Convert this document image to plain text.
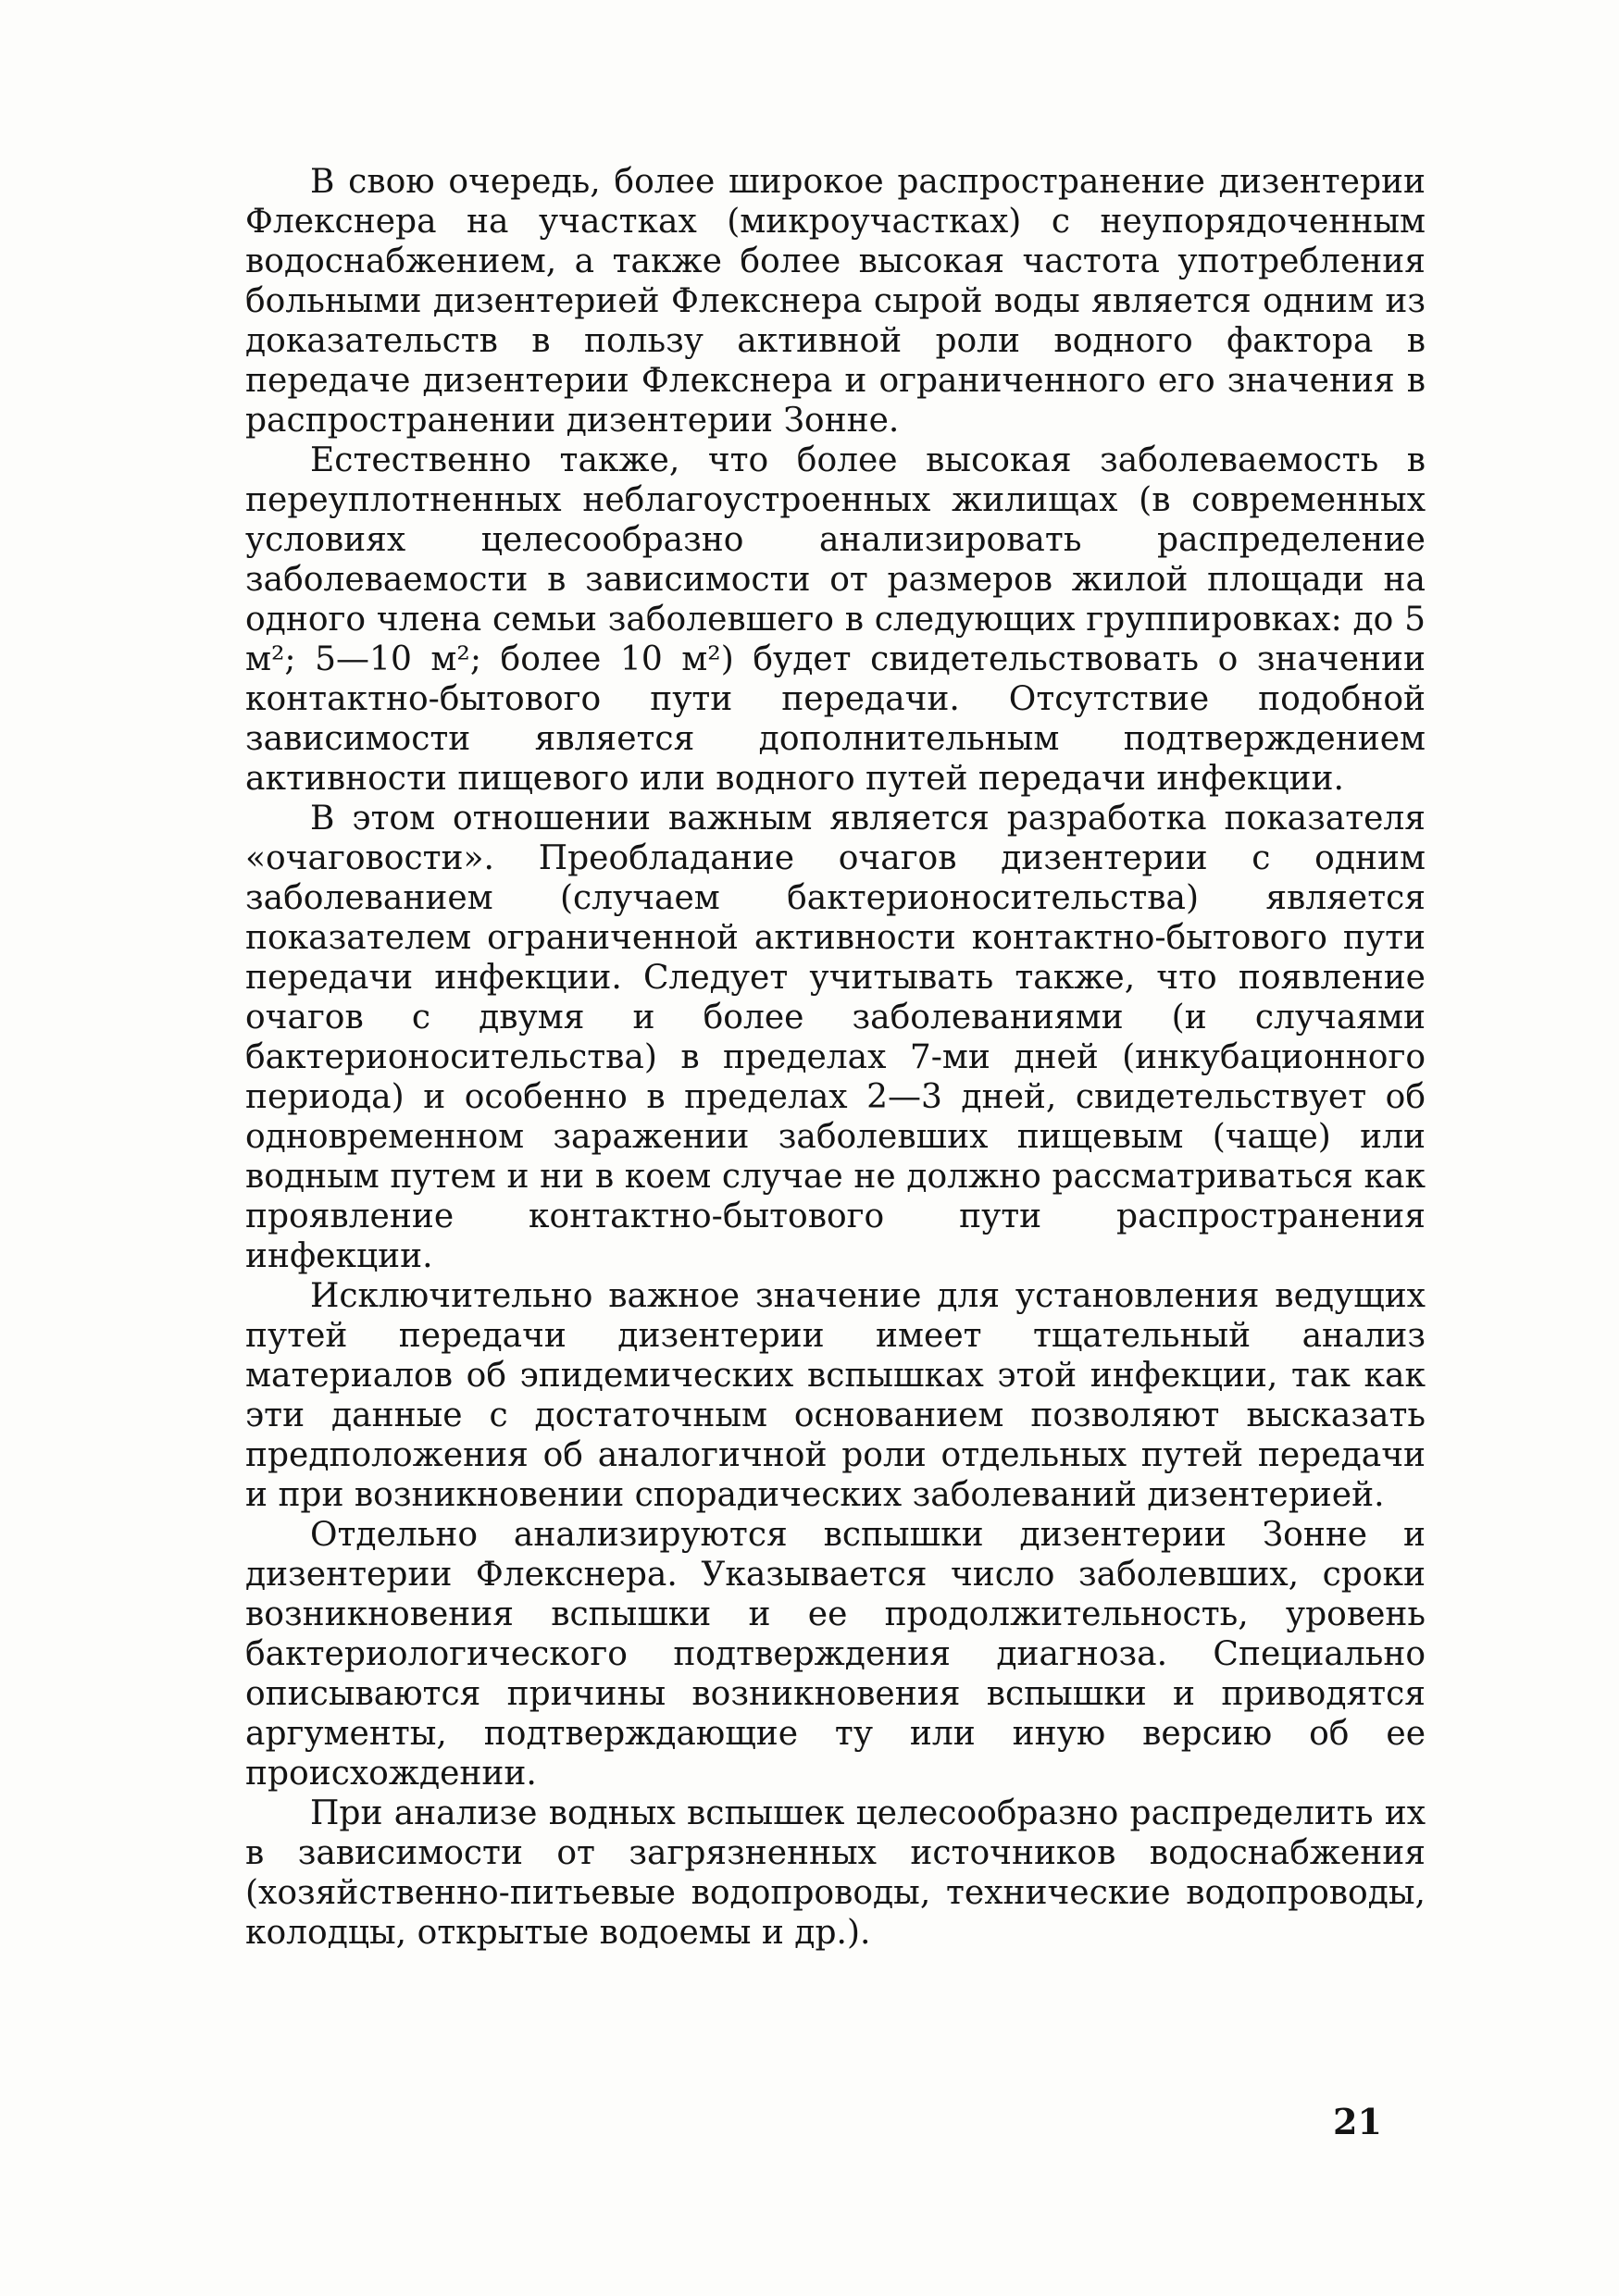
В свою очередь, более широкое распространение дизентерии Флекснера на участках (микроучастках) с неупорядоченным водоснабжением, а также более высокая частота употребления больными дизентерией Флекснера сырой воды является одним из доказательств в пользу активной роли водного фактора в передаче дизентерии Флекснера и ограниченного его значения в распространении дизентерии Зонне.

Естественно также, что более высокая заболеваемость в переуплотненных неблагоустроенных жилищах (в современных условиях целесообразно анализировать распределение заболеваемости в зависимости от размеров жилой площади на одного члена семьи заболевшего в следующих группировках: до 5 м²; 5—10 м²; более 10 м²) будет свидетельствовать о значении контактно-бытового пути передачи. Отсутствие подобной зависимости является дополнительным подтверждением активности пищевого или водного путей передачи инфекции.

В этом отношении важным является разработка показателя «очаговости». Преобладание очагов дизентерии с одним заболеванием (случаем бактерионосительства) является показателем ограниченной активности контактно-бытового пути передачи инфекции. Следует учитывать также, что появление очагов с двумя и более заболеваниями (и случаями бактерионосительства) в пределах 7-ми дней (инкубационного периода) и особенно в пределах 2—3 дней, свидетельствует об одновременном заражении заболевших пищевым (чаще) или водным путем и ни в коем случае не должно рассматриваться как проявление контактно-бытового пути распространения инфекции.

Исключительно важное значение для установления ведущих путей передачи дизентерии имеет тщательный анализ материалов об эпидемических вспышках этой инфекции, так как эти данные с достаточным основанием позволяют высказать предположения об аналогичной роли отдельных путей передачи и при возникновении спорадических заболеваний дизентерией.

Отдельно анализируются вспышки дизентерии Зонне и дизентерии Флекснера. Указывается число заболевших, сроки возникновения вспышки и ее продолжительность, уровень бактериологического подтверждения диагноза. Специально описываются причины возникновения вспышки и приводятся аргументы, подтверждающие ту или иную версию об ее происхождении.

При анализе водных вспышек целесообразно распределить их в зависимости от загрязненных источников водоснабжения (хозяйственно-питьевые водопроводы, технические водопроводы, колодцы, открытые водоемы и др.).

21
